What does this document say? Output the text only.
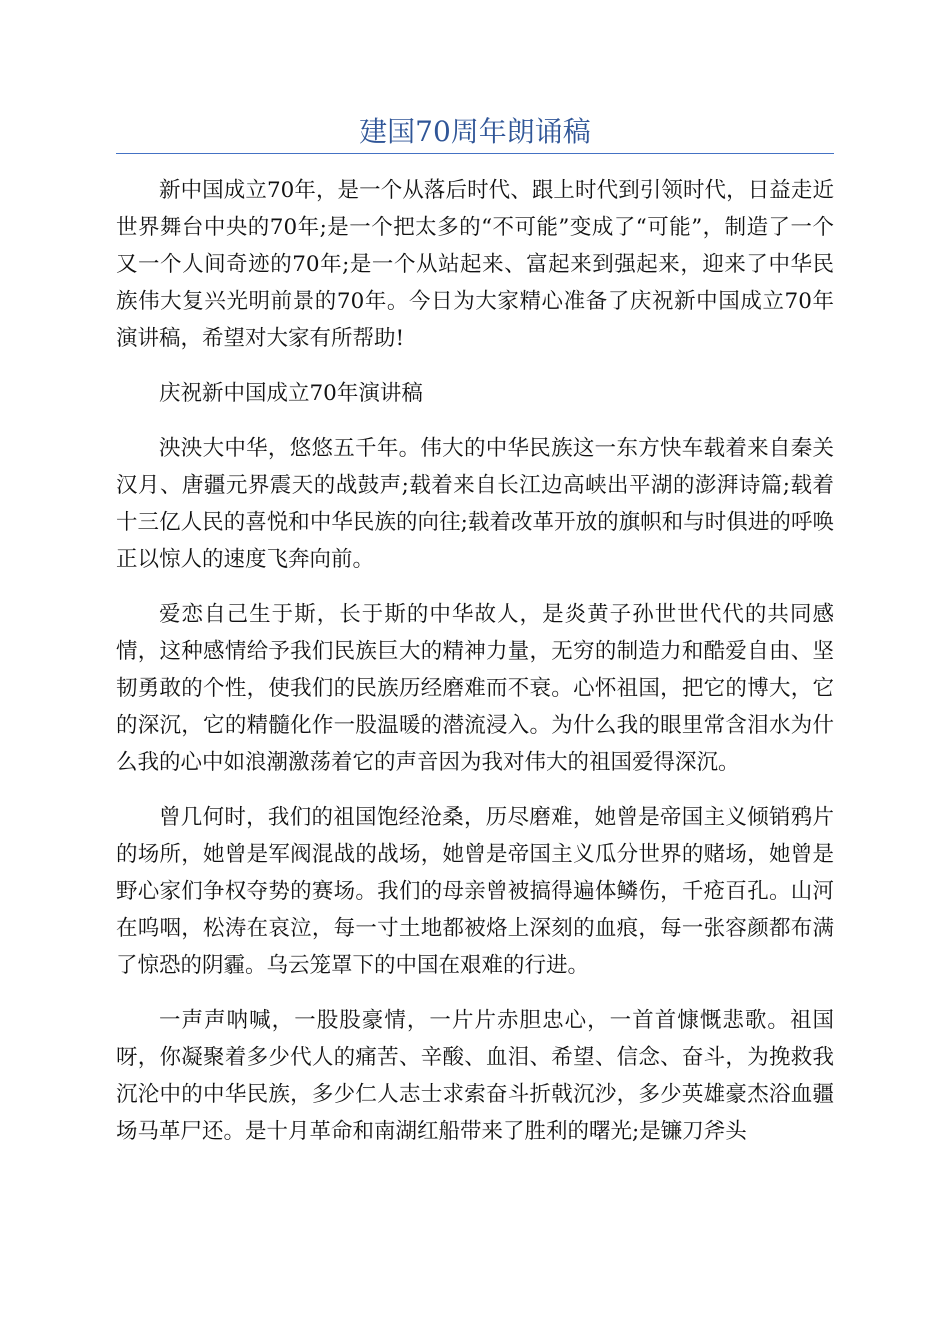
建国70周年朗诵稿

新中国成立70年，是一个从落后时代、跟上时代到引领时代，日益走近世界舞台中央的70年;是一个把太多的“不可能”变成了“可能”，制造了一个又一个人间奇迹的70年;是一个从站起来、富起来到强起来，迎来了中华民族伟大复兴光明前景的70年。今日为大家精心准备了庆祝新中国成立70年演讲稿，希望对大家有所帮助!

庆祝新中国成立70年演讲稿

泱泱大中华，悠悠五千年。伟大的中华民族这一东方快车载着来自秦关汉月、唐疆元界震天的战鼓声;载着来自长江边高峡出平湖的澎湃诗篇;载着十三亿人民的喜悦和中华民族的向往;载着改革开放的旗帜和与时俱进的呼唤正以惊人的速度飞奔向前。

爱恋自己生于斯，长于斯的中华故人，是炎黄子孙世世代代的共同感情，这种感情给予我们民族巨大的精神力量，无穷的制造力和酷爱自由、坚韧勇敢的个性，使我们的民族历经磨难而不衰。心怀祖国，把它的博大，它的深沉，它的精髓化作一股温暖的潜流浸入。为什么我的眼里常含泪水为什么我的心中如浪潮激荡着它的声音因为我对伟大的祖国爱得深沉。

曾几何时，我们的祖国饱经沧桑，历尽磨难，她曾是帝国主义倾销鸦片的场所，她曾是军阀混战的战场，她曾是帝国主义瓜分世界的赌场，她曾是野心家们争权夺势的赛场。我们的母亲曾被搞得遍体鳞伤，千疮百孔。山河在呜咽，松涛在哀泣，每一寸土地都被烙上深刻的血痕，每一张容颜都布满了惊恐的阴霾。乌云笼罩下的中国在艰难的行进。

一声声呐喊，一股股豪情，一片片赤胆忠心，一首首慷慨悲歌。祖国呀，你凝聚着多少代人的痛苦、辛酸、血泪、希望、信念、奋斗，为挽救我沉沦中的中华民族，多少仁人志士求索奋斗折戟沉沙，多少英雄豪杰浴血疆场马革尸还。是十月革命和南湖红船带来了胜利的曙光;是镰刀斧头
